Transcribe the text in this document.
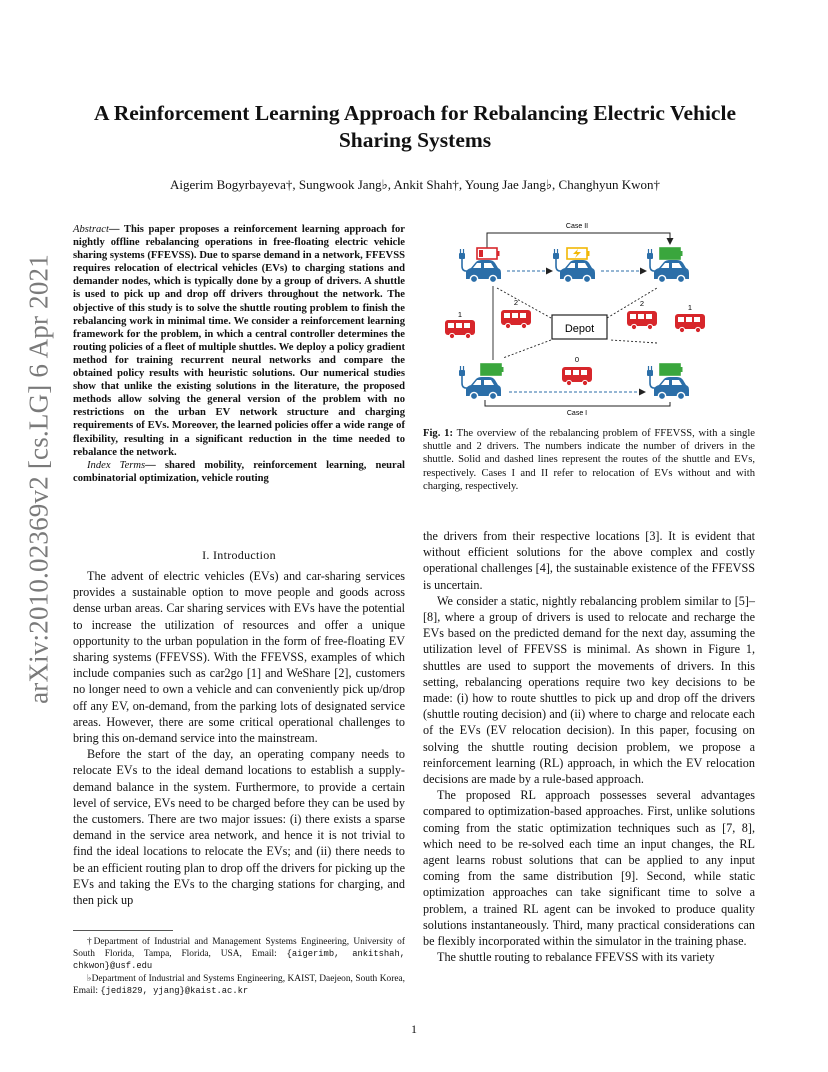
arXiv:2010.02369v2 [cs.LG] 6 Apr 2021
A Reinforcement Learning Approach for Rebalancing Electric Vehicle
Sharing Systems
Aigerim Bogyrbayeva†, Sungwook Jang♭, Ankit Shah†, Young Jae Jang♭, Changhyun Kwon†

Abstract— This paper proposes a reinforcement learning approach for nightly offline rebalancing operations in free-floating electric vehicle sharing systems (FFEVSS). Due to sparse demand in a network, FFEVSS requires relocation of electrical vehicles (EVs) to charging stations and demander nodes, which is typically done by a group of drivers. A shuttle is used to pick up and drop off drivers throughout the network. The objective of this study is to solve the shuttle routing problem to finish the rebalancing work in minimal time. We consider a reinforcement learning framework for the problem, in which a central controller determines the routing policies of a fleet of multiple shuttles. We deploy a policy gradient method for training recurrent neural networks and compare the obtained policy results with heuristic solutions. Our numerical studies show that unlike the existing solutions in the literature, the proposed methods allow solving the general version of the problem with no restrictions on the urban EV network structure and charging requirements of EVs. Moreover, the learned policies offer a wide range of flexibility, resulting in a significant reduction in the time needed to rebalance the network.

Index Terms— shared mobility, reinforcement learning, neural combinatorial optimization, vehicle routing

I. Introduction

The advent of electric vehicles (EVs) and car-sharing services provides a sustainable option to move people and goods across dense urban areas. Car sharing services with EVs have the potential to increase the utilization of resources and offer a unique opportunity to the urban population in the form of free-floating EV sharing systems (FFEVSS). With the FFEVSS, examples of which include companies such as car2go [1] and WeShare [2], customers no longer need to own a vehicle and can conveniently pick up/drop off any EV, on-demand, from the parking lots of designated service areas. However, there are some critical operational challenges to bring this on-demand service into the mainstream.

Before the start of the day, an operating company needs to relocate EVs to the ideal demand locations to establish a supply-demand balance in the system. Furthermore, to provide a certain level of service, EVs need to be charged before they can be used by the customers. There are two major issues: (i) there exists a sparse demand in the service area network, and hence it is not trivial to find the ideal locations to relocate the EVs; and (ii) there needs to be an efficient routing plan to drop off the drivers for picking up the EVs and taking the EVs to the charging stations for charging, and then pick up

†Department of Industrial and Management Systems Engineering, University of South Florida, Tampa, Florida, USA, Email: {aigerimb, ankitshah, chkwon}@usf.edu

♭Department of Industrial and Systems Engineering, KAIST, Daejeon, South Korea, Email: {jedi829, yjang}@kaist.ac.kr

Case II
Depot
1
2	2	1
0
Case I
Fig. 1: The overview of the rebalancing problem of FFEVSS, with a single shuttle and 2 drivers. The numbers indicate the number of drivers in the shuttle. Solid and dashed lines represent the routes of the shuttle and EVs, respectively. Cases I and II refer to relocation of EVs without and with charging, respectively.

the drivers from their respective locations [3]. It is evident that without efficient solutions for the above complex and costly operational challenges [4], the sustainable existence of the FFEVSS is uncertain.

We consider a static, nightly rebalancing problem similar to [5]–[8], where a group of drivers is used to relocate and recharge the EVs based on the predicted demand for the next day, assuming the utilization level of FFEVSS is minimal. As shown in Figure 1, shuttles are used to support the movements of drivers. In this setting, rebalancing operations require two key decisions to be made: (i) how to route shuttles to pick up and drop off the drivers (shuttle routing decision) and (ii) where to charge and relocate each of the EVs (EV relocation decision). In this paper, focusing on solving the shuttle routing decision problem, we propose a reinforcement learning (RL) approach, in which the EV relocation decisions are made by a rule-based approach.

The proposed RL approach possesses several advantages compared to optimization-based approaches. First, unlike solutions coming from the static optimization techniques such as [7, 8], which need to be re-solved each time an input changes, the RL agent learns robust solutions that can be applied to any input coming from the same distribution [9]. Second, while static optimization approaches can take significant time to solve a problem, a trained RL agent can be invoked to produce quality solutions instantaneously. Third, many practical considerations can be flexibly incorporated within the simulator in the training phase.

The shuttle routing to rebalance FFEVSS with its variety

1
